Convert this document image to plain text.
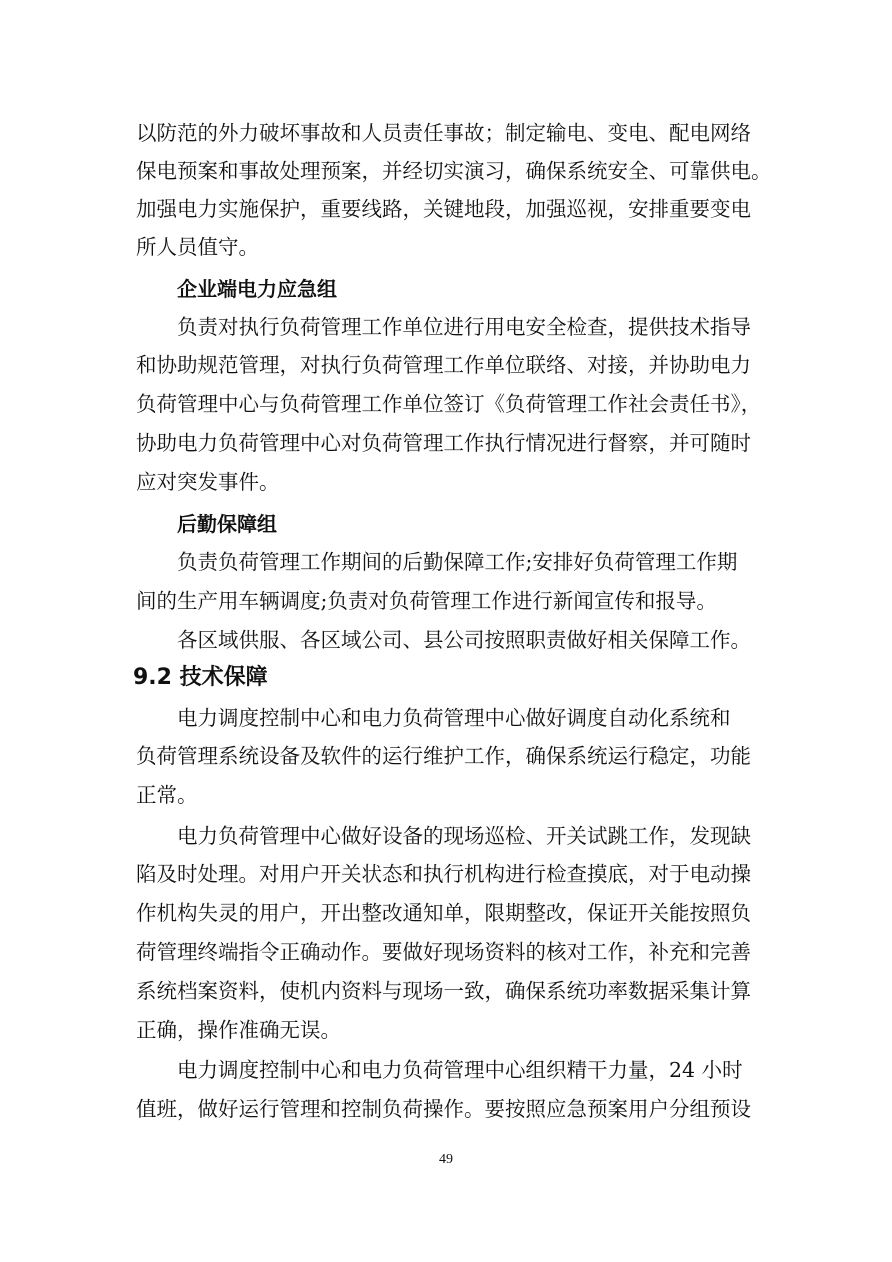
以防范的外力破坏事故和人员责任事故；制定输电、变电、配电网络
保电预案和事故处理预案，并经切实演习，确保系统安全、可靠供电。
加强电力实施保护，重要线路，关键地段，加强巡视，安排重要变电
所人员值守。
企业端电力应急组
负责对执行负荷管理工作单位进行用电安全检查，提供技术指导
和协助规范管理，对执行负荷管理工作单位联络、对接，并协助电力
负荷管理中心与负荷管理工作单位签订《负荷管理工作社会责任书》，
协助电力负荷管理中心对负荷管理工作执行情况进行督察，并可随时
应对突发事件。
后勤保障组
负责负荷管理工作期间的后勤保障工作;安排好负荷管理工作期
间的生产用车辆调度;负责对负荷管理工作进行新闻宣传和报导。
各区域供服、各区域公司、县公司按照职责做好相关保障工作。
9.2 技术保障
电力调度控制中心和电力负荷管理中心做好调度自动化系统和
负荷管理系统设备及软件的运行维护工作，确保系统运行稳定，功能
正常。
电力负荷管理中心做好设备的现场巡检、开关试跳工作，发现缺
陷及时处理。对用户开关状态和执行机构进行检查摸底，对于电动操
作机构失灵的用户，开出整改通知单，限期整改，保证开关能按照负
荷管理终端指令正确动作。要做好现场资料的核对工作，补充和完善
系统档案资料，使机内资料与现场一致，确保系统功率数据采集计算
正确，操作准确无误。
电力调度控制中心和电力负荷管理中心组织精干力量，24 小时
值班，做好运行管理和控制负荷操作。要按照应急预案用户分组预设
49
